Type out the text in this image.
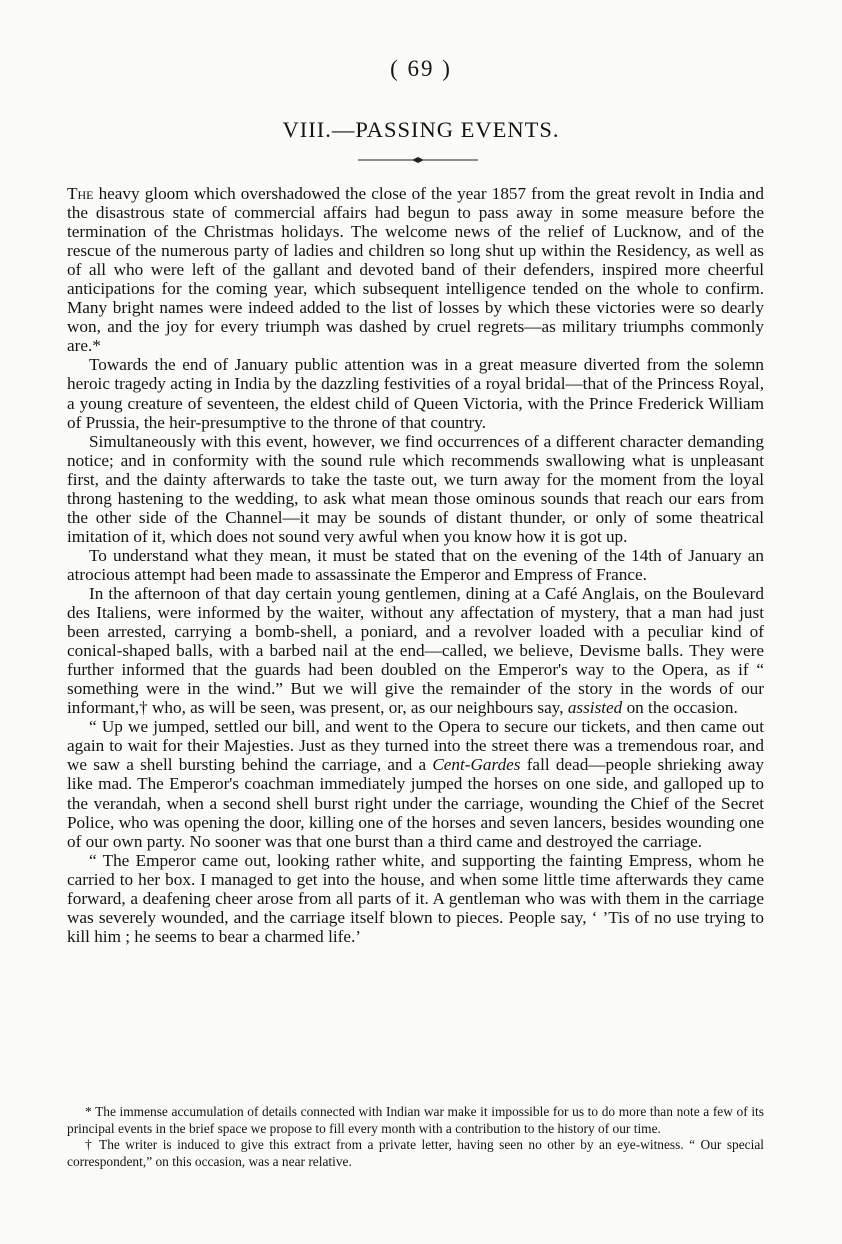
( 69 )
VIII.—PASSING EVENTS.

The heavy gloom which overshadowed the close of the year 1857 from the great revolt in India and the disastrous state of commercial affairs had begun to pass away in some measure before the termination of the Christmas holidays. The welcome news of the relief of Lucknow, and of the rescue of the numerous party of ladies and children so long shut up within the Residency, as well as of all who were left of the gallant and devoted band of their defenders, inspired more cheerful anticipations for the coming year, which subsequent intelligence tended on the whole to confirm. Many bright names were indeed added to the list of losses by which these victories were so dearly won, and the joy for every triumph was dashed by cruel regrets—as military triumphs commonly are.*

Towards the end of January public attention was in a great measure diverted from the solemn heroic tragedy acting in India by the dazzling festivities of a royal bridal—that of the Princess Royal, a young creature of seventeen, the eldest child of Queen Victoria, with the Prince Frederick William of Prussia, the heir-presumptive to the throne of that country.

Simultaneously with this event, however, we find occurrences of a different character demanding notice; and in conformity with the sound rule which recommends swallowing what is unpleasant first, and the dainty afterwards to take the taste out, we turn away for the moment from the loyal throng hastening to the wedding, to ask what mean those ominous sounds that reach our ears from the other side of the Channel—it may be sounds of distant thunder, or only of some theatrical imitation of it, which does not sound very awful when you know how it is got up.

To understand what they mean, it must be stated that on the evening of the 14th of January an atrocious attempt had been made to assassinate the Emperor and Empress of France.

In the afternoon of that day certain young gentlemen, dining at a Café Anglais, on the Boulevard des Italiens, were informed by the waiter, without any affectation of mystery, that a man had just been arrested, carrying a bomb-shell, a poniard, and a revolver loaded with a peculiar kind of conical-shaped balls, with a barbed nail at the end—called, we believe, Devisme balls. They were further informed that the guards had been doubled on the Emperor's way to the Opera, as if “ something were in the wind.” But we will give the remainder of the story in the words of our informant,† who, as will be seen, was present, or, as our neighbours say, assisted on the occasion.

“ Up we jumped, settled our bill, and went to the Opera to secure our tickets, and then came out again to wait for their Majesties. Just as they turned into the street there was a tremendous roar, and we saw a shell bursting behind the carriage, and a Cent-Gardes fall dead—people shrieking away like mad. The Emperor's coachman immediately jumped the horses on one side, and galloped up to the verandah, when a second shell burst right under the carriage, wounding the Chief of the Secret Police, who was opening the door, killing one of the horses and seven lancers, besides wounding one of our own party. No sooner was that one burst than a third came and destroyed the carriage.

“ The Emperor came out, looking rather white, and supporting the fainting Empress, whom he carried to her box. I managed to get into the house, and when some little time afterwards they came forward, a deafening cheer arose from all parts of it. A gentleman who was with them in the carriage was severely wounded, and the carriage itself blown to pieces. People say, ‘ ’Tis of no use trying to kill him ; he seems to bear a charmed life.’

* The immense accumulation of details connected with Indian war make it impossible for us to do more than note a few of its principal events in the brief space we propose to fill every month with a contribution to the history of our time.

† The writer is induced to give this extract from a private letter, having seen no other by an eye-witness. “ Our special correspondent,” on this occasion, was a near relative.
